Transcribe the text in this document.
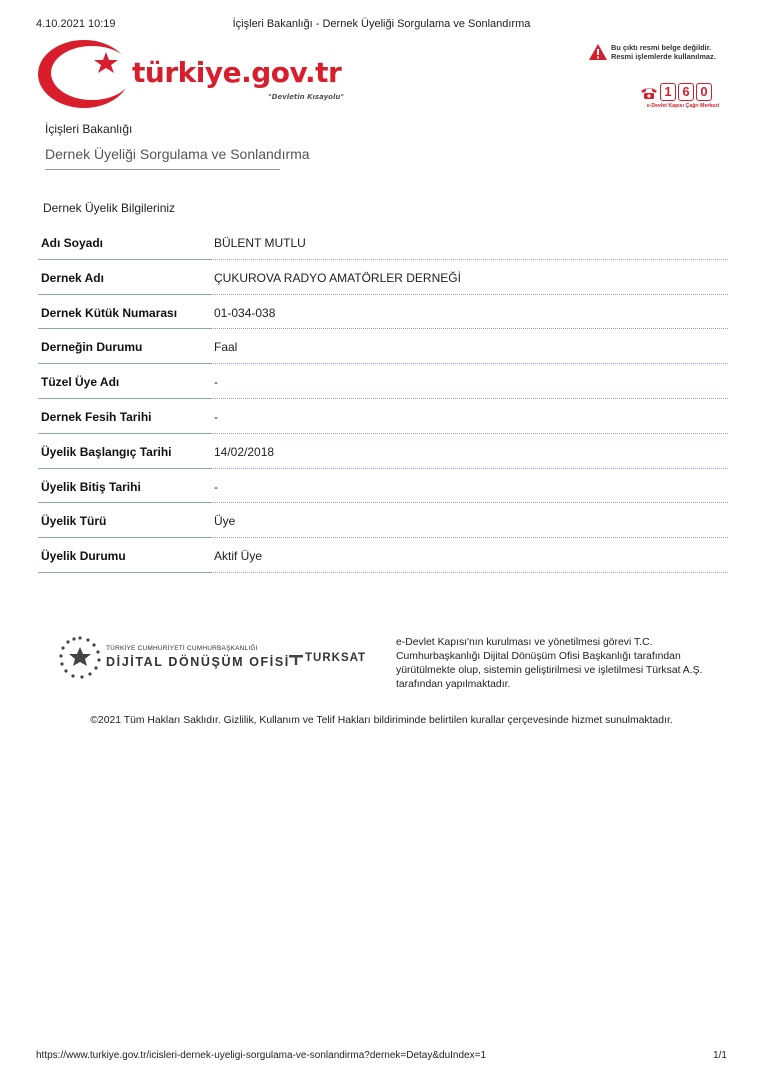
4.10.2021 10:19	İçişleri Bakanlığı - Dernek Üyeliği Sorgulama ve Sonlandırma
türkiye.gov.tr
"Devletin Kısayolu"
Bu çıktı resmi belge değildir.
Resmi işlemlerde kullanılmaz.
1 6 0
e-Devlet Kapısı Çağrı Merkezi
İçişleri Bakanlığı
Dernek Üyeliği Sorgulama ve Sonlandırma
Dernek Üyelik Bilgileriniz
Adı Soyadı	BÜLENT MUTLU
Dernek Adı	ÇUKUROVA RADYO AMATÖRLER DERNEĞİ
Dernek Kütük Numarası	01-034-038
Derneğin Durumu	Faal
Tüzel Üye Adı	-
Dernek Fesih Tarihi	-
Üyelik Başlangıç Tarihi	14/02/2018
Üyelik Bitiş Tarihi	-
Üyelik Türü	Üye
Üyelik Durumu	Aktif Üye
TÜRKİYE CUMHURİYETİ CUMHURBAŞKANLIĞI
DİJİTAL DÖNÜŞÜM OFİSİ TURKSAT
e-Devlet Kapısı'nın kurulması ve yönetilmesi görevi T.C. Cumhurbaşkanlığı Dijital Dönüşüm Ofisi Başkanlığı tarafından yürütülmekte olup, sistemin geliştirilmesi ve işletilmesi Türksat A.Ş. tarafından yapılmaktadır.
©2021 Tüm Hakları Saklıdır. Gizlilik, Kullanım ve Telif Hakları bildiriminde belirtilen kurallar çerçevesinde hizmet sunulmaktadır.
https://www.turkiye.gov.tr/icisleri-dernek-uyeligi-sorgulama-ve-sonlandirma?dernek=Detay&duIndex=1	1/1
